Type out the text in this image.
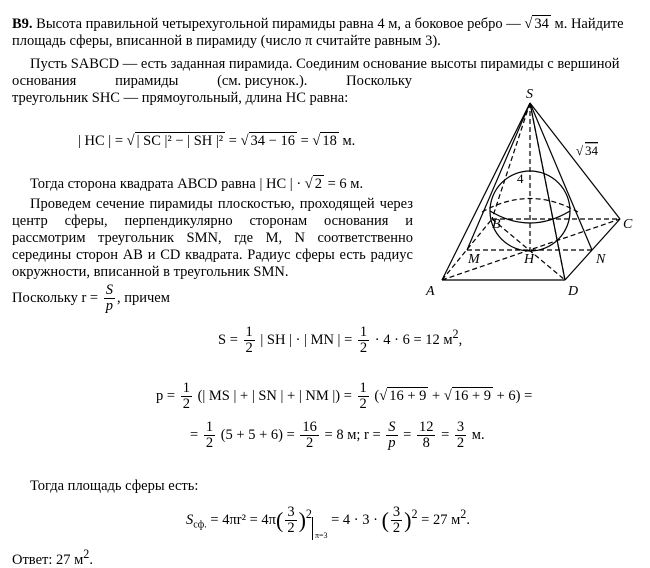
В9. Высота правильной четырехугольной пирамиды равна 4 м, а боковое ребро — √ 34 м. Найдите
площадь сферы, вписанной в пирамиду (число π считайте равным 3).
Пусть SABCD — есть заданная пирамида. Соединим основание высоты пирамиды с вершиной
основания	пирамиды	(см. рисунок.).	Поскольку
треугольник SHC — прямоугольный, длина HC равна:
| HC | = √ | SC |² − | SH |² = √ 34 − 16 = √ 18 м.
Тогда сторона квадрата ABCD равна | HC | · √ 2 = 6 м.
Проведем сечение пирамиды плоскостью, проходящей через
центр сферы, перпендикулярно сторонам основания и
рассмотрим треугольник SMN, где M, N соответственно
середины сторон AB и CD квадрата. Радиус сферы есть радиус
окружности, вписанной в треугольник SMN.
Поскольку $r = \frac{S}{p}$ , причем
$S = \frac{1}{2}$ | SH | · | MN | = $\frac{1}{2} \cdot 4 \cdot 6 = 12$ $м^2$,
$p = \frac{1}{2}$ (| MS | + | SN | + | NM |) = $\frac{1}{2}$ (√ 16 + 9 + √ 16 + 9 + 6) =
= $\frac{1}{2} (5 + 5 + 6) = \frac{16}{2} = 8$ м; $r = \frac{S}{p} = \frac{12}{8} = \frac{3}{2} м$.
Тогда площадь сферы есть:
$S_{сф.} = 4\pi r^2 = 4\pi( \frac{3}{2} )^2_{\pi=3} = 4 \cdot 3$ · ( $\frac{3}{2} )^2 = 27$ $м^2$.
Ответ: 27 $м^2$.
S
A
B	C
D
M	N
H
4
√ 34
